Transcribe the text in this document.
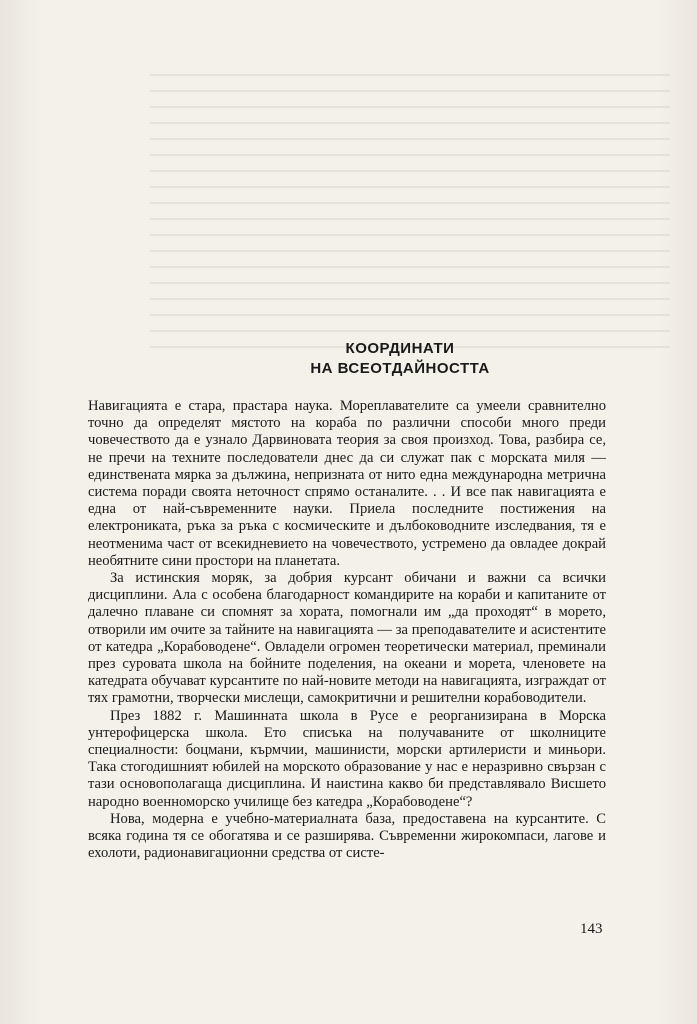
КООРДИНАТИ
НА ВСЕОТДАЙНОСТТА

Навигацията е стара, прастара наука. Мореплавателите са умеели сравнително точно да определят мястото на кораба по различни способи много преди човечеството да е узнало Дарвиновата теория за своя произход. Това, разбира се, не пречи на техните последователи днес да си служат пак с морската миля — единствената мярка за дължина, непризната от нито една международна метрична система поради своята неточност спрямо останалите. . . И все пак навигацията е една от най-съвременните науки. Приела последните постижения на електрониката, ръка за ръка с космическите и дълбоководните изследвания, тя е неотменима част от всекидневието на човечеството, устремено да овладее докрай необятните сини простори на планетата.

За истинския моряк, за добрия курсант обичани и важни са всички дисциплини. Ала с особена благодарност командирите на кораби и капитаните от далечно плаване си спомнят за хората, помогнали им „да проходят“ в морето, отворили им очите за тайните на навигацията — за преподавателите и асистентите от катедра „Корабоводене“. Овладели огромен теоретически материал, преминали през суровата школа на бойните поделения, на океани и морета, членовете на катедрата обучават курсантите по най-новите методи на навигацията, изграждат от тях грамотни, творчески мислещи, самокритични и решителни корабоводители.

През 1882 г. Машинната школа в Русе е реорганизирана в Морска унтерофицерска школа. Ето списъка на получаваните от школниците специалности: боцмани, кърмчии, машинисти, морски артилеристи и миньори. Така стогодишният юбилей на морското образование у нас е неразривно свързан с тази основополагаща дисциплина. И наистина какво би представлявало Висшето народно военноморско училище без катедра „Корабоводене“?

Нова, модерна е учебно-материалната база, предоставена на курсантите. С всяка година тя се обогатява и се разширява. Съвременни жирокомпаси, лагове и ехолоти, радионавигационни средства от систе-

143
